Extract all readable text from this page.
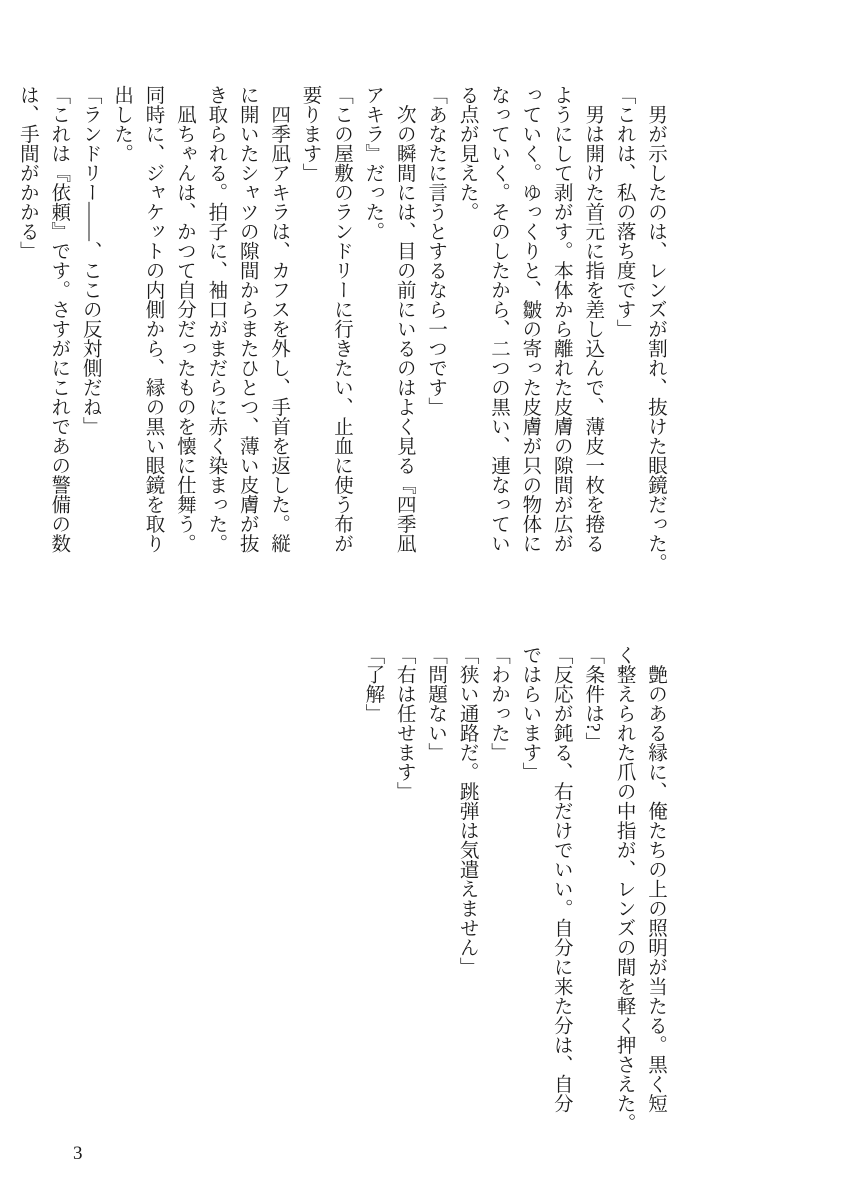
　男が示したのは、レンズが割れ、抜けた眼鏡だった。
「これは、私の落ち度です」
　男は開けた首元に指を差し込んで、薄皮一枚を捲る
ようにして剥がす。本体から離れた皮膚の隙間が広が
っていく。ゆっくりと、皺の寄った皮膚が只の物体に
なっていく。そのしたから、二つの黒い、連なってい
る点が見えた。
「あなたに言うとするなら一つです」
　次の瞬間には、目の前にいるのはよく見る『四季凪
アキラ』だった。
「この屋敷のランドリーに行きたい、止血に使う布が
要ります」
　四季凪アキラは、カフスを外し、手首を返した。縦
に開いたシャツの隙間からまたひとつ、薄い皮膚が抜
き取られる。拍子に、袖口がまだらに赤く染まった。
　凪ちゃんは、かつて自分だったものを懐に仕舞う。
同時に、ジャケットの内側から、縁の黒い眼鏡を取り
出した。
「ランドリー――、ここの反対側だね」
「これは『依頼』です。さすがにこれであの警備の数
は、手間がかかる」

　艶のある縁に、俺たちの上の照明が当たる。黒く短
く整えられた爪の中指が、レンズの間を軽く押さえた。
「条件は?」
「反応が鈍る、右だけでいい。自分に来た分は、自分
ではらいます」
「わかった」
「狭い通路だ。跳弾は気遣えません」
「問題ない」
「右は任せます」
「了解」
3
